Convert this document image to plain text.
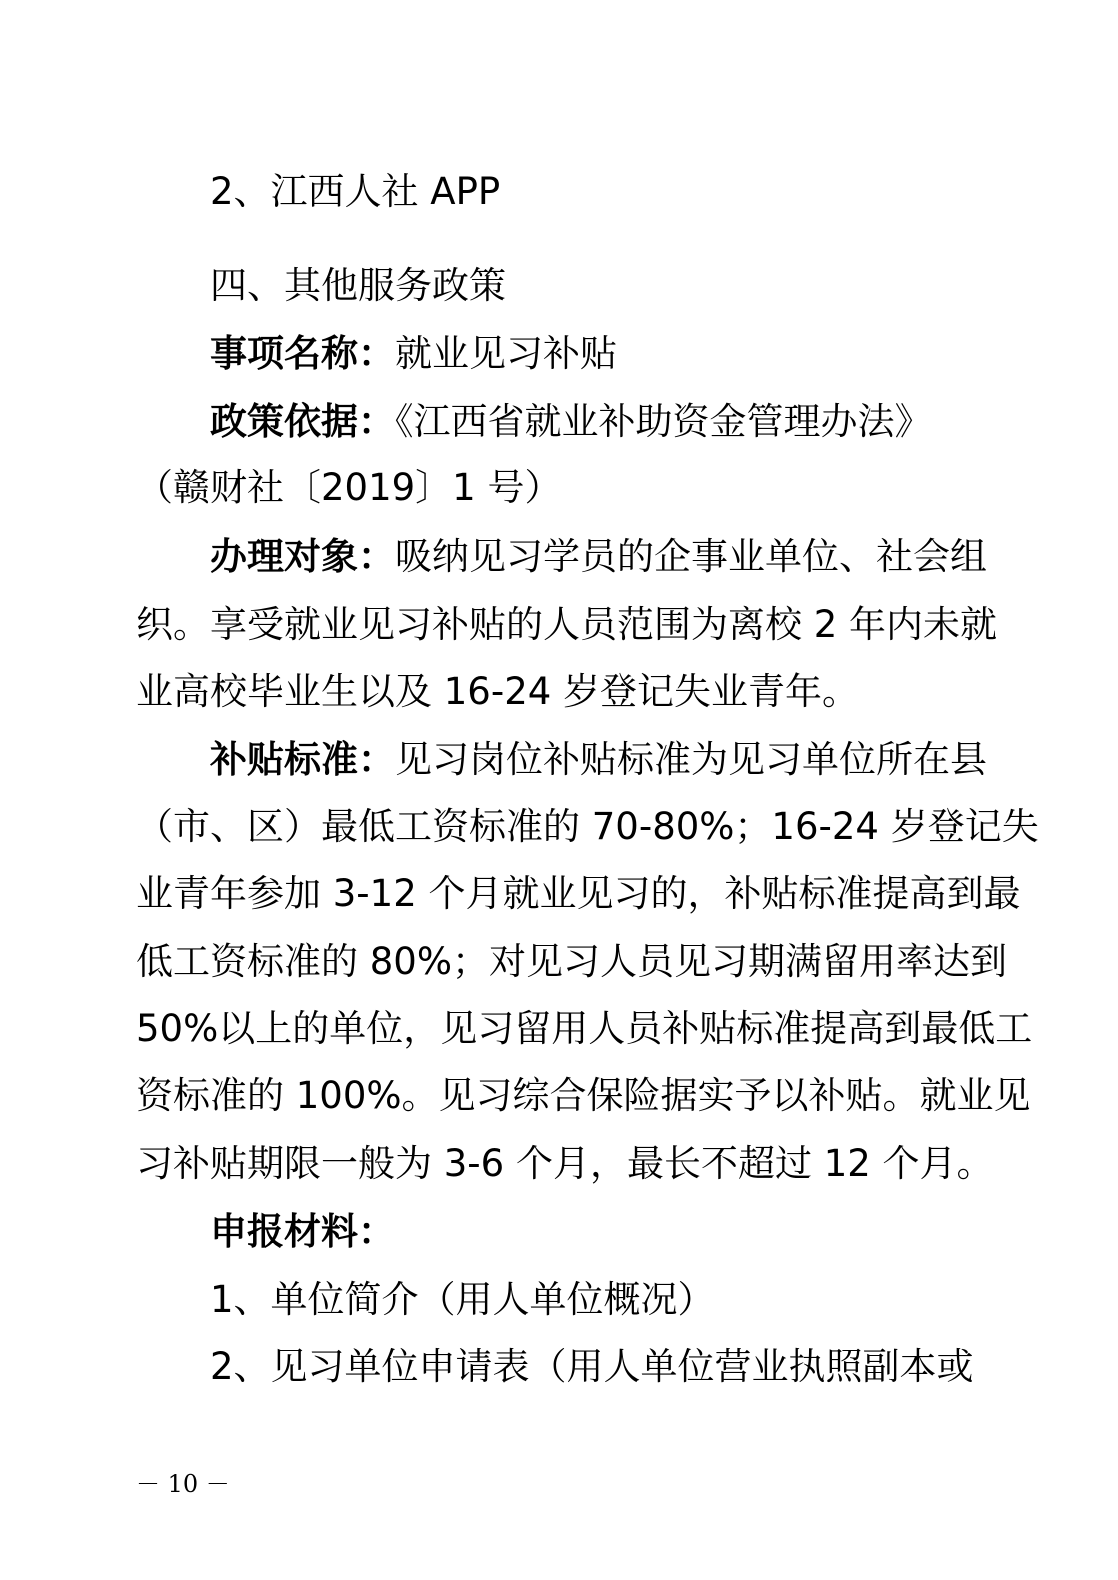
2、江西人社 APP
四、其他服务政策
事项名称：就业见习补贴
政策依据：《江西省就业补助资金管理办法》
（赣财社〔2019〕1 号）
办理对象：吸纳见习学员的企事业单位、社会组
织。享受就业见习补贴的人员范围为离校 2 年内未就
业高校毕业生以及 16-24 岁登记失业青年。
补贴标准：见习岗位补贴标准为见习单位所在县
（市、区）最低工资标准的 70-80%；16-24 岁登记失
业青年参加 3-12 个月就业见习的，补贴标准提高到最
低工资标准的 80%；对见习人员见习期满留用率达到
50%以上的单位，见习留用人员补贴标准提高到最低工
资标准的 100%。见习综合保险据实予以补贴。就业见
习补贴期限一般为 3-6 个月，最长不超过 12 个月。
申报材料：
1、单位简介（用人单位概况）
2、见习单位申请表（用人单位营业执照副本或
－ 10 －
